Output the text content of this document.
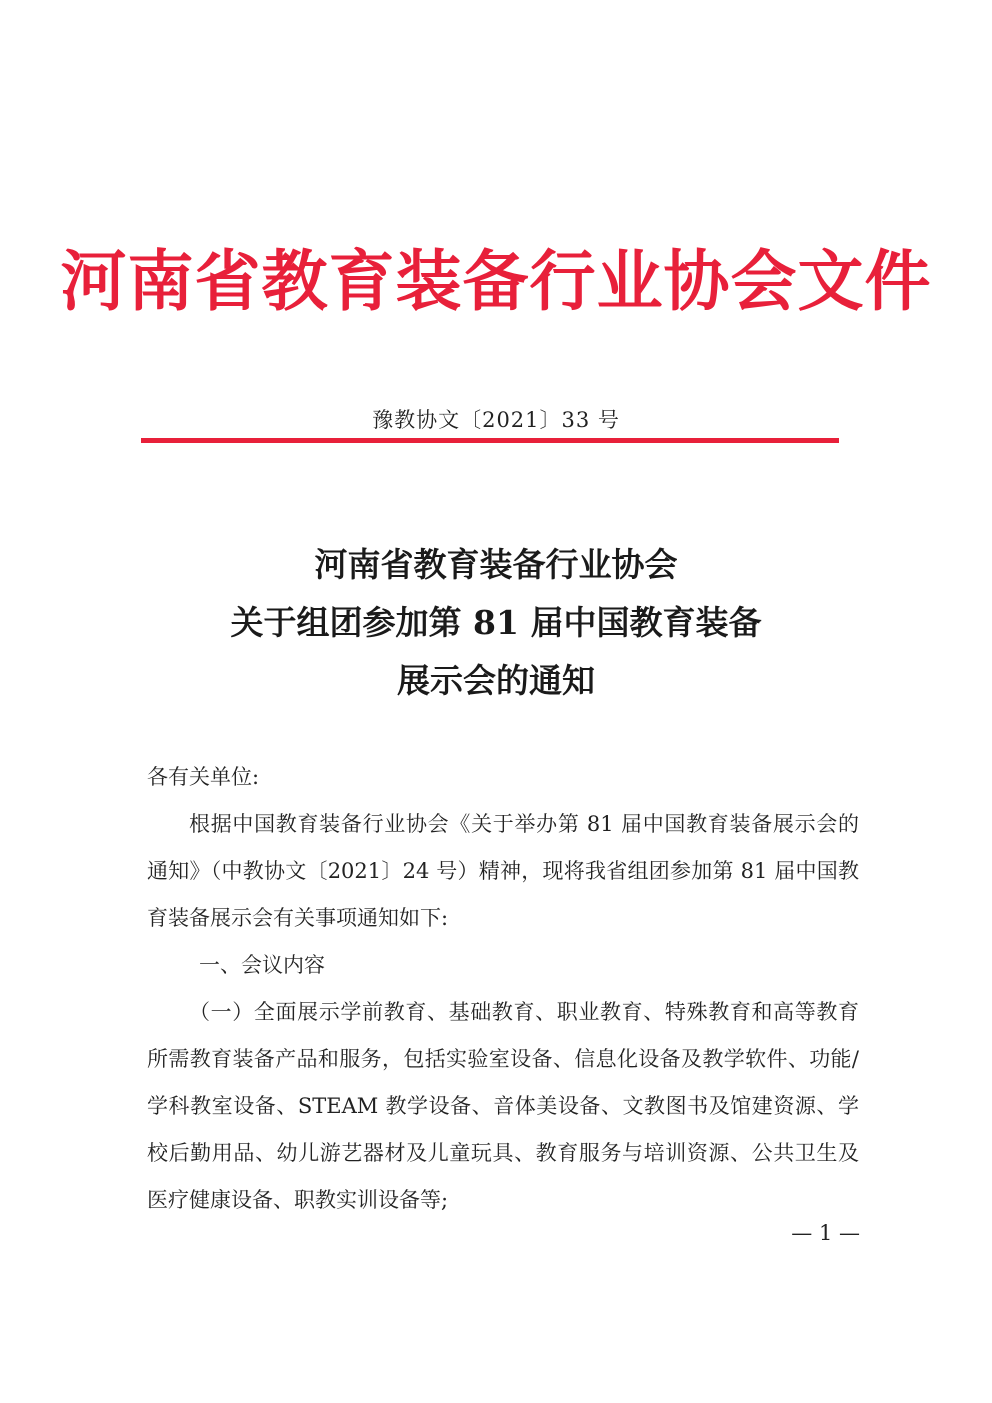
河南省教育装备行业协会文件
豫教协文〔2021〕33 号
河南省教育装备行业协会
关于组团参加第 81 届中国教育装备
展示会的通知

各有关单位:

根据中国教育装备行业协会《关于举办第 81 届中国教育装备展示会的通知》（中教协文〔2021〕24 号）精神，现将我省组团参加第 81 届中国教育装备展示会有关事项通知如下:

一、会议内容

（一）全面展示学前教育、基础教育、职业教育、特殊教育和高等教育所需教育装备产品和服务，包括实验室设备、信息化设备及教学软件、功能/学科教室设备、STEAM 教学设备、音体美设备、文教图书及馆建资源、学校后勤用品、幼儿游艺器材及儿童玩具、教育服务与培训资源、公共卫生及医疗健康设备、职教实训设备等;

— 1 —
